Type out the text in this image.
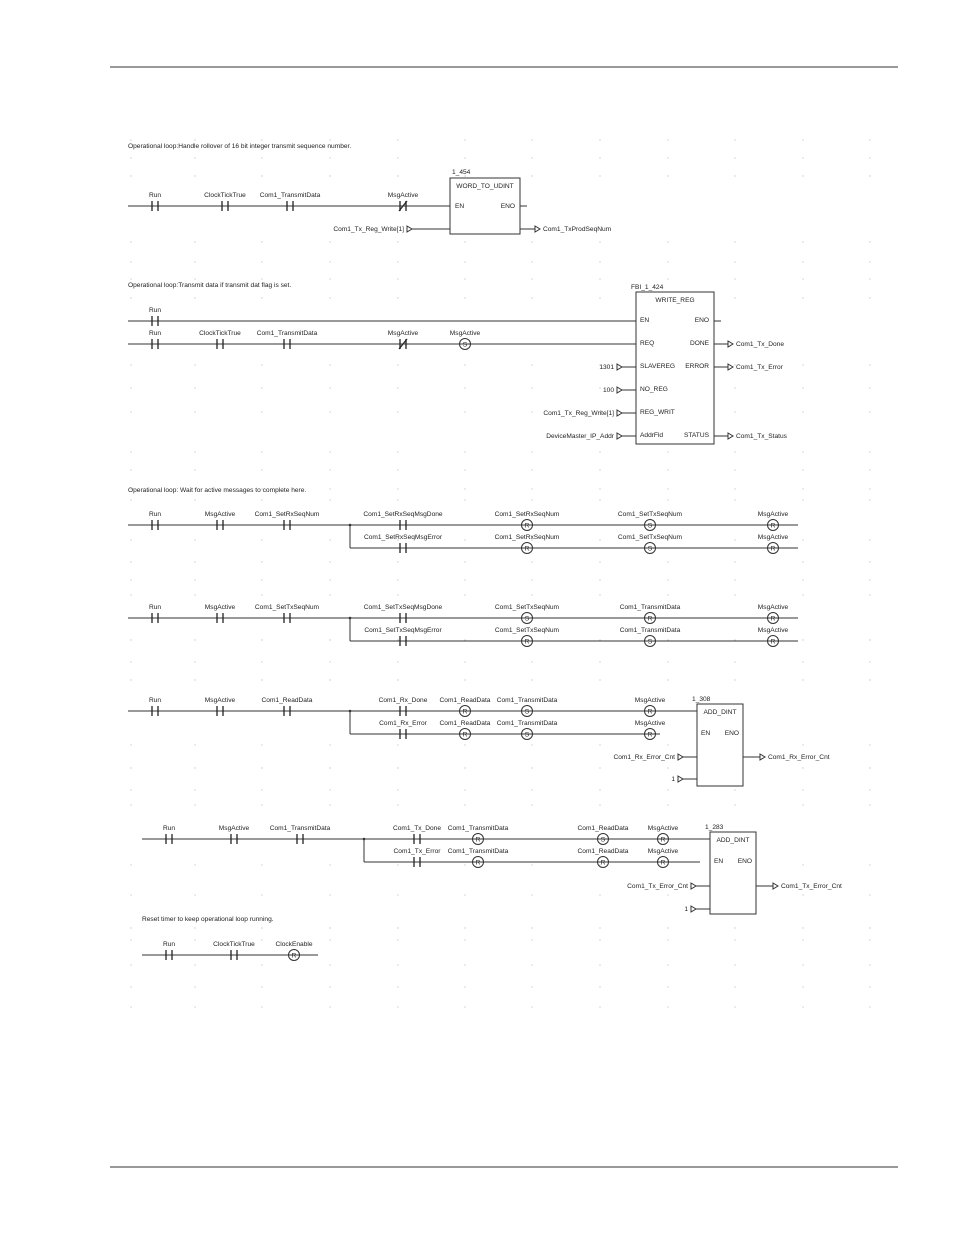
Operational loop:Handle rollover of 16 bit integer transmit sequence number.
Run	ClockTickTrue Com1_TransmitData	MsgActive
1_454
WORD_TO_UDINT
EN	ENO
Com1_Tx_Reg_Write[1]	Com1_TxProdSeqNum
Operational loop:Transmit data if transmit dat flag is set.
Run
Run	ClockTickTrue Com1_TransmitData	MsgActive
S
MsgActive
FBI_1_424
WRITE_REG
EN
REQ
SLAVEREG
NO_REG
REG_WRIT
AddrFld
ENO
DONE
ERROR
STATUS
1301
100
Com1_Tx_Reg_Write[1]
DeviceMaster_IP_Addr
Com1_Tx_Done
Com1_Tx_Error
Com1_Tx_Status
Operational loop: Wait for active messages to complete here.
Run	MsgActive	Com1_SetRxSeqNum	Com1_SetRxSeqMsgDone
Com1_SetRxSeqMsgError
R
Com1_SetRxSeqNum
R
Com1_SetRxSeqNum
S
Com1_SetTxSeqNum
S
Com1_SetTxSeqNum
R
MsgActive
R
MsgActive
Run	MsgActive	Com1_SetTxSeqNum	Com1_SetTxSeqMsgDone
Com1_SetTxSeqMsgError
S
Com1_SetTxSeqNum
R
Com1_SetTxSeqNum
R
Com1_TransmitData
S
Com1_TransmitData
R
MsgActive
R
MsgActive
Run	MsgActive	Com1_ReadData	Com1_Rx_Done
Com1_Rx_Error
R
Com1_ReadData
R
Com1_ReadData
S
Com1_TransmitData
S
Com1_TransmitData
R
MsgActive
R
MsgActive
1_308
ADD_DINT
EN ENO
Com1_Rx_Error_Cnt
1
Com1_Rx_Error_Cnt
Run	MsgActive	Com1_TransmitData	Com1_Tx_Done
Com1_Tx_Error
R
Com1_TransmitData
R
Com1_TransmitData
S
Com1_ReadData
R
Com1_ReadData
R
MsgActive
R
MsgActive
1_283
ADD_DINT
EN ENO
Com1_Tx_Error_Cnt
1
Com1_Tx_Error_Cnt
Reset timer to keep operational loop running.
Run	ClockTickTrue
R
ClockEnable
